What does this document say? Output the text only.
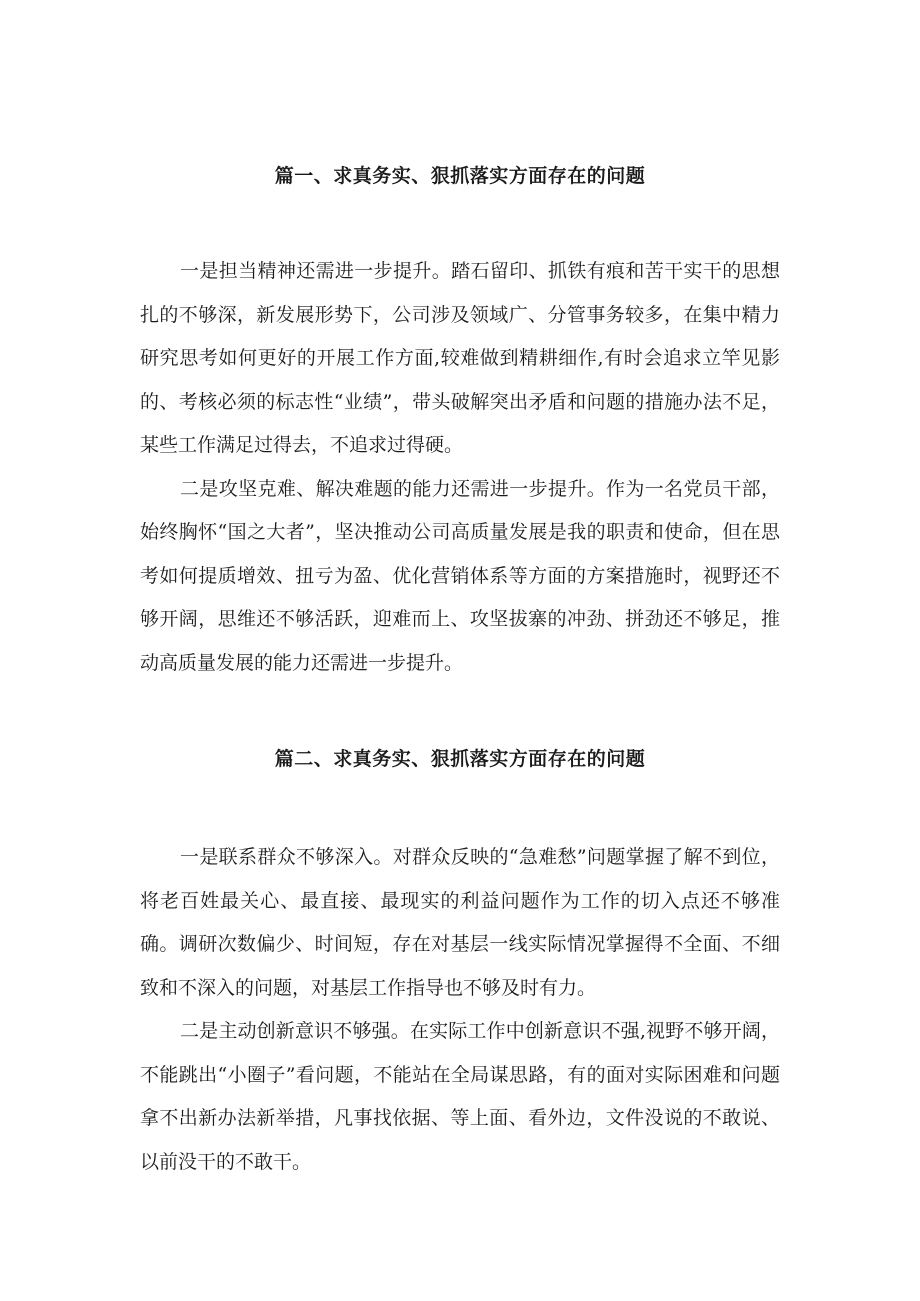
篇一、求真务实、狠抓落实方面存在的问题

一是担当精神还需进一步提升。踏石留印、抓铁有痕和苦干实干的思想扎的不够深，新发展形势下，公司涉及领域广、分管事务较多，在集中精力研究思考如何更好的开展工作方面,较难做到精耕细作,有时会追求立竿见影的、考核必须的标志性“业绩”，带头破解突出矛盾和问题的措施办法不足，某些工作满足过得去，不追求过得硬。

二是攻坚克难、解决难题的能力还需进一步提升。作为一名党员干部，始终胸怀“国之大者”，坚决推动公司高质量发展是我的职责和使命，但在思考如何提质增效、扭亏为盈、优化营销体系等方面的方案措施时，视野还不够开阔，思维还不够活跃，迎难而上、攻坚拔寨的冲劲、拼劲还不够足，推动高质量发展的能力还需进一步提升。

篇二、求真务实、狠抓落实方面存在的问题

一是联系群众不够深入。对群众反映的“急难愁”问题掌握了解不到位，将老百姓最关心、最直接、最现实的利益问题作为工作的切入点还不够准确。调研次数偏少、时间短，存在对基层一线实际情况掌握得不全面、不细致和不深入的问题，对基层工作指导也不够及时有力。

二是主动创新意识不够强。在实际工作中创新意识不强,视野不够开阔，不能跳出“小圈子”看问题，不能站在全局谋思路，有的面对实际困难和问题拿不出新办法新举措，凡事找依据、等上面、看外边，文件没说的不敢说、以前没干的不敢干。
